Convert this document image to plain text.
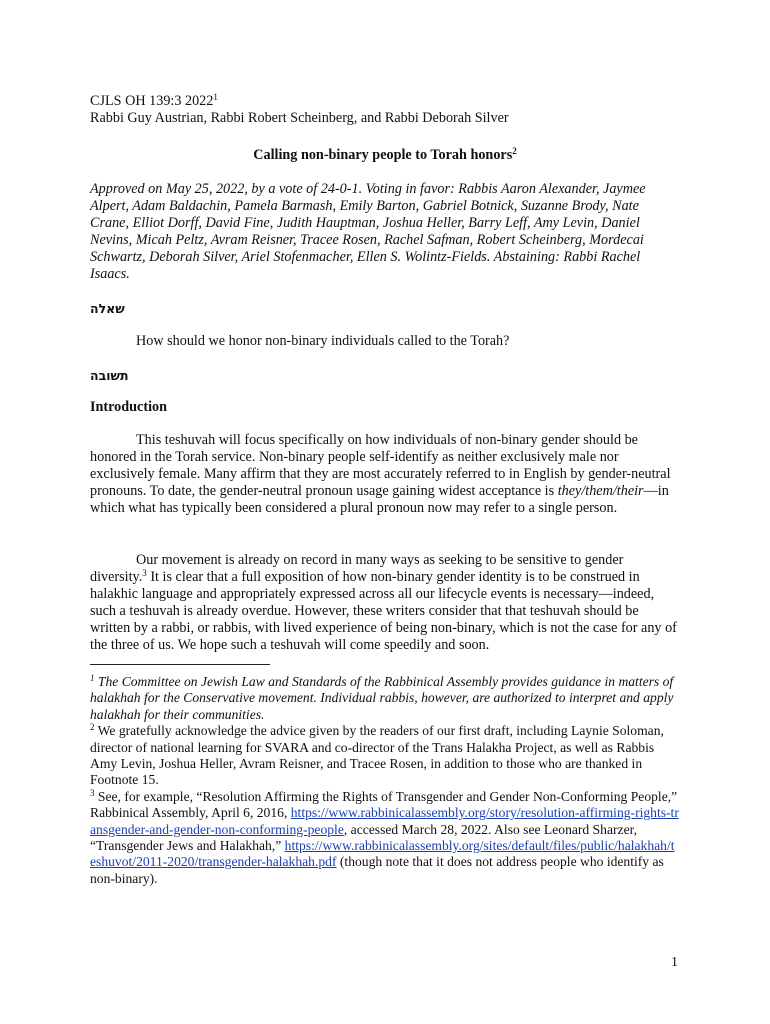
CJLS OH 139:3 2022$^1$
Rabbi Guy Austrian, Rabbi Robert Scheinberg, and Rabbi Deborah Silver
Calling non-binary people to Torah honors$^2$
Approved on May 25, 2022, by a vote of 24-0-1. Voting in favor: Rabbis Aaron Alexander, Jaymee Alpert, Adam Baldachin, Pamela Barmash, Emily Barton, Gabriel Botnick, Suzanne Brody, Nate Crane, Elliot Dorff, David Fine, Judith Hauptman, Joshua Heller, Barry Leff, Amy Levin, Daniel Nevins, Micah Peltz, Avram Reisner, Tracee Rosen, Rachel Safman, Robert Scheinberg, Mordecai Schwartz, Deborah Silver, Ariel Stofenmacher, Ellen S. Wolintz-Fields. Abstaining: Rabbi Rachel Isaacs.
שאלה
How should we honor non-binary individuals called to the Torah?
תשובה
Introduction
This teshuvah will focus specifically on how individuals of non-binary gender should be honored in the Torah service. Non-binary people self-identify as neither exclusively male nor exclusively female. Many affirm that they are most accurately referred to in English by gender-neutral pronouns. To date, the gender-neutral pronoun usage gaining widest acceptance is they/them/their—in which what has typically been considered a plural pronoun now may refer to a single person.
Our movement is already on record in many ways as seeking to be sensitive to gender diversity.$^3$ It is clear that a full exposition of how non-binary gender identity is to be construed in halakhic language and appropriately expressed across all our lifecycle events is necessary—indeed, such a teshuvah is already overdue. However, these writers consider that that teshuvah should be written by a rabbi, or rabbis, with lived experience of being non-binary, which is not the case for any of the three of us. We hope such a teshuvah will come speedily and soon.
$^1$ The Committee on Jewish Law and Standards of the Rabbinical Assembly provides guidance in matters of halakhah for the Conservative movement. Individual rabbis, however, are authorized to interpret and apply halakhah for their communities.
$^2$ We gratefully acknowledge the advice given by the readers of our first draft, including Laynie Soloman, director of national learning for SVARA and co-director of the Trans Halakha Project, as well as Rabbis Amy Levin, Joshua Heller, Avram Reisner, and Tracee Rosen, in addition to those who are thanked in Footnote 15.
$^3$ See, for example, “Resolution Affirming the Rights of Transgender and Gender Non-Conforming People,” Rabbinical Assembly, April 6, 2016, https://www.rabbinicalassembly.org/story/resolution-affirming-rights-transgender-and-gender-non-conforming-people, accessed March 28, 2022. Also see Leonard Sharzer, “Transgender Jews and Halakhah,” https://www.rabbinicalassembly.org/sites/default/files/public/halakhah/teshuvot/2011-2020/transgender-halakhah.pdf (though note that it does not address people who identify as non-binary).
1
